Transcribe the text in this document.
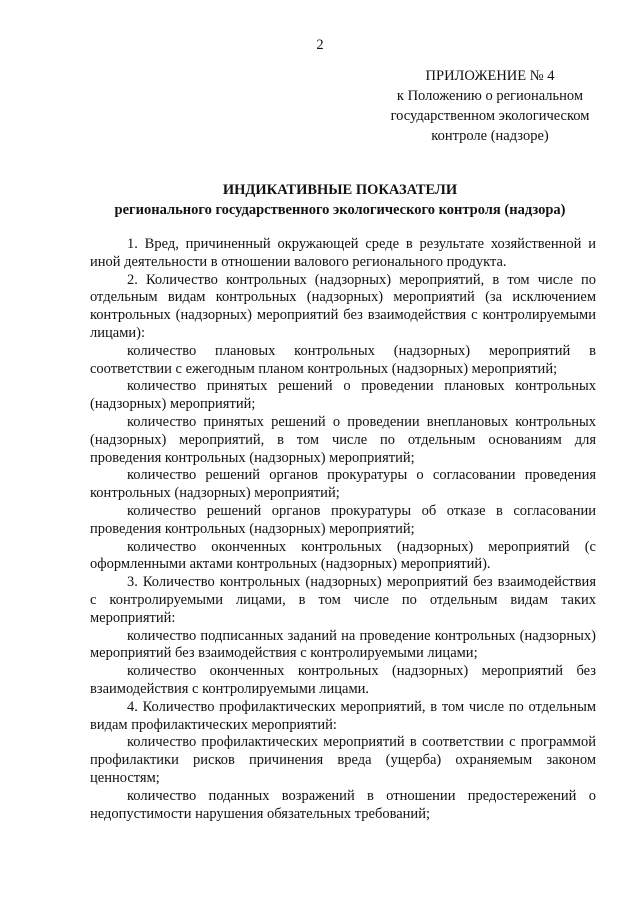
2
ПРИЛОЖЕНИЕ № 4
к Положению о региональном
государственном экологическом
контроле (надзоре)
ИНДИКАТИВНЫЕ ПОКАЗАТЕЛИ
регионального государственного экологического контроля (надзора)

1. Вред, причиненный окружающей среде в результате хозяйственной и иной деятельности в отношении валового регионального продукта.

2. Количество контрольных (надзорных) мероприятий, в том числе по отдельным видам контрольных (надзорных) мероприятий (за исключением контрольных (надзорных) мероприятий без взаимодействия с контролируемыми лицами):

количество плановых контрольных (надзорных) мероприятий в соответствии с ежегодным планом контрольных (надзорных) мероприятий;

количество принятых решений о проведении плановых контрольных (надзорных) мероприятий;

количество принятых решений о проведении внеплановых контрольных (надзорных) мероприятий, в том числе по отдельным основаниям для проведения контрольных (надзорных) мероприятий;

количество решений органов прокуратуры о согласовании проведения контрольных (надзорных) мероприятий;

количество решений органов прокуратуры об отказе в согласовании проведения контрольных (надзорных) мероприятий;

количество оконченных контрольных (надзорных) мероприятий (с оформленными актами контрольных (надзорных) мероприятий).

3. Количество контрольных (надзорных) мероприятий без взаимодействия с контролируемыми лицами, в том числе по отдельным видам таких мероприятий:

количество подписанных заданий на проведение контрольных (надзорных) мероприятий без взаимодействия с контролируемыми лицами;

количество оконченных контрольных (надзорных) мероприятий без взаимодействия с контролируемыми лицами.

4. Количество профилактических мероприятий, в том числе по отдельным видам профилактических мероприятий:

количество профилактических мероприятий в соответствии с программой профилактики рисков причинения вреда (ущерба) охраняемым законом ценностям;

количество поданных возражений в отношении предостережений о недопустимости нарушения обязательных требований;
